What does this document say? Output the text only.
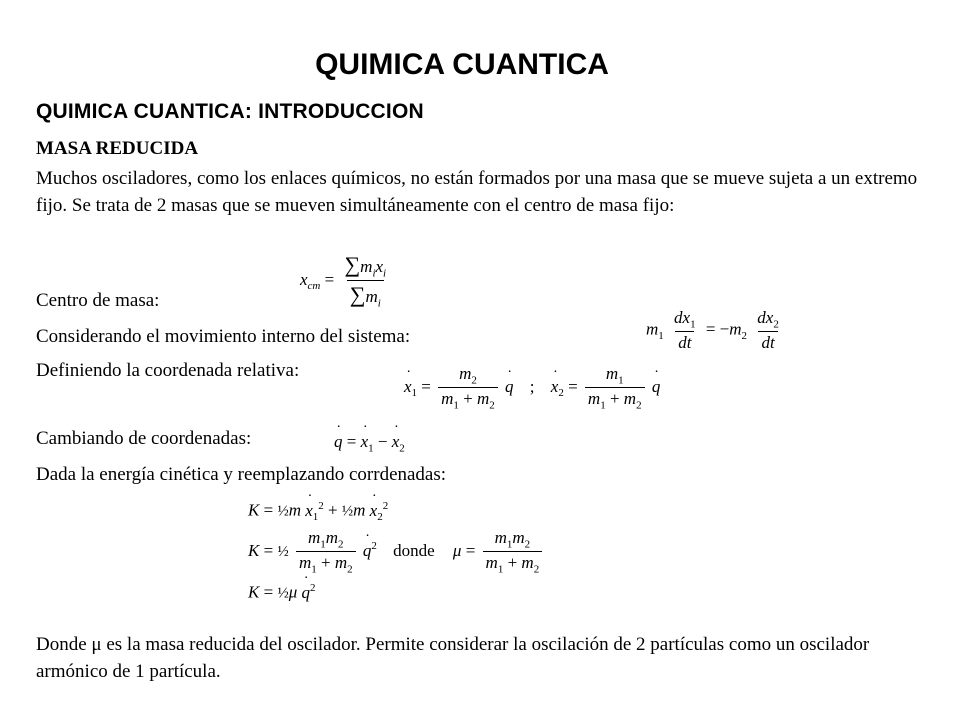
QUIMICA CUANTICA
QUIMICA CUANTICA: INTRODUCCION
MASA REDUCIDA
Muchos osciladores, como los enlaces químicos, no están formados por una masa que se mueve sujeta a un extremo fijo. Se trata de 2 masas que se mueven simultáneamente con el centro de masa fijo:
$x_{cm} = \frac{\sum m_ix_i}{\sum m_i}$
Centro de masa:
$m_1 \frac{dx_1}{dt} = -m_2 \frac{dx_2}{dt}$
Considerando el movimiento interno del sistema:
Definiendo la coordenada relativa:
˙ $x_1 = \frac{m_2}{m_1 + m_2}$ ˙ q ; ˙ $x_2 = \frac{m_1}{m_1 + m_2}$ ˙ q
Cambiando de coordenadas:	˙ q = ˙ $x_1$ − ˙ $x_2$
Dada la energía cinética y reemplazando corrdenadas:
K = ½m ˙ $x_1^2$ + ½m ˙ $x_2^2$
K = ½ $\frac{m_1m_2}{m_1 + m_2}$ ˙ $q^2$ donde $\mu = \frac{m_1m_2}{m_1 + m_2}$
K = ½μ ˙ $q^2$
Donde μ es la masa reducida del oscilador. Permite considerar la oscilación de 2 partículas como un oscilador armónico de 1 partícula.
